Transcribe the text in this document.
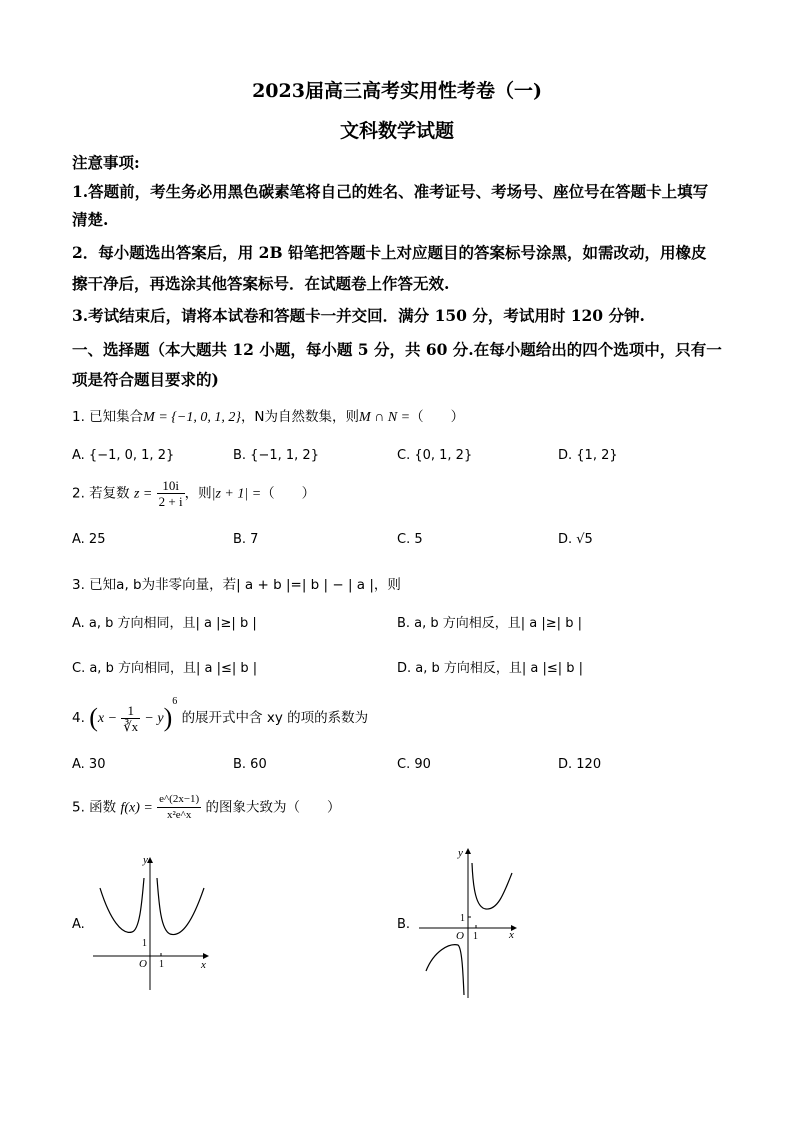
2023届高三高考实用性考卷（一)
文科数学试题
注意事项:
1.答题前，考生务必用黑色碳素笔将自己的姓名、准考证号、考场号、座位号在答题卡上填写
清楚.
2．每小题选出答案后，用 2B 铅笔把答题卡上对应题目的答案标号涂黑，如需改动，用橡皮
擦干净后，再选涂其他答案标号．在试题卷上作答无效.
3.考试结束后，请将本试卷和答题卡一并交回．满分 150 分，考试用时 120 分钟.
一、选择题（本大题共 12 小题，每小题 5 分，共 60 分.在每小题给出的四个选项中，只有一
项是符合题目要求的)
1. 已知集合M = {−1, 0, 1, 2}，N为自然数集，则M ∩ N =（　　）
A. {−1, 0, 1, 2}	B. {−1, 1, 2}	C. {0, 1, 2}	D. {1, 2}
2. 若复数 $z = \frac{10i}{2 + i}$ ，则|z + 1| =（　　）
A. 25	B. 7	C. 5	D. √5
3. 已知a, b为非零向量，若| a + b |=| b | − | a |，则
A. a, b 方向相同，且| a |≥| b |	B. a, b 方向相反，且| a |≥| b |
C. a, b 方向相同，且| a |≤| b |	D. a, b 方向相反，且| a |≤| b |
4. $(x - \frac{1}{∛x} - y)^6$ 的展开式中含 xy 的项的系数为
A. 30	B. 60	C. 90	D. 120
5. 函数 $f(x) = \frac{e\^{}(2x-1)}{\text{x²e\textasciicircum{}x}}$ 的图象大致为（　　）
A.
y
x
O 1
1
B.
y
x
O 1
1
